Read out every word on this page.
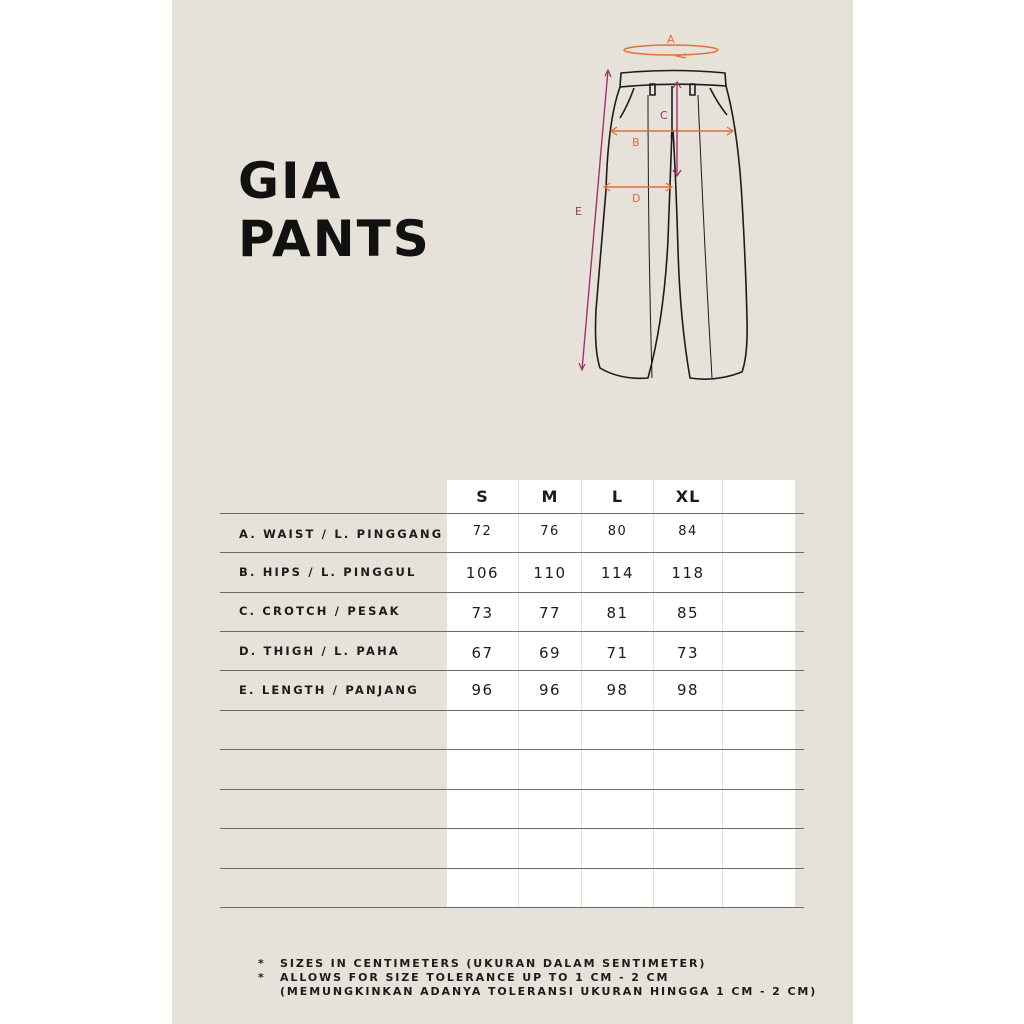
GIA
PANTS
A
B
C
D
E
S	M	L	XL
A. WAIST / L. PINGGANG	72	76	80	84
B. HIPS / L. PINGGUL	106	110	114	118
C. CROTCH / PESAK	73	77	81	85
D. THIGH / L. PAHA	67	69	71	73
E. LENGTH / PANJANG	96	96	98	98
* SIZES IN CENTIMETERS (UKURAN DALAM SENTIMETER)
* ALLOWS FOR SIZE TOLERANCE UP TO 1 CM - 2 CM
(MEMUNGKINKAN ADANYA TOLERANSI UKURAN HINGGA 1 CM - 2 CM)
